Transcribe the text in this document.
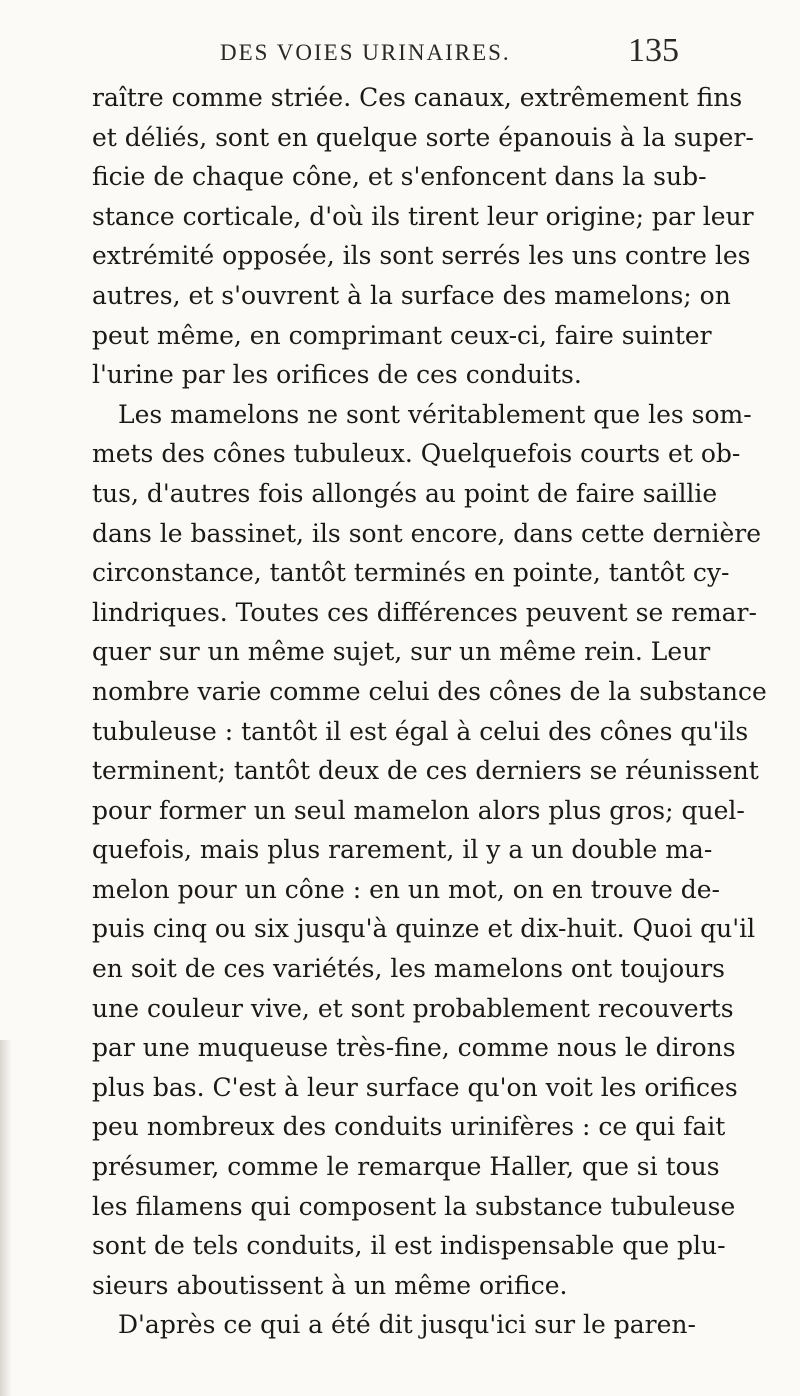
DES VOIES URINAIRES.	135
raître comme striée. Ces canaux, extrêmement fins
et déliés, sont en quelque sorte épanouis à la super-
ficie de chaque cône, et s'enfoncent dans la sub-
stance corticale, d'où ils tirent leur origine; par leur
extrémité opposée, ils sont serrés les uns contre les
autres, et s'ouvrent à la surface des mamelons; on
peut même, en comprimant ceux-ci, faire suinter
l'urine par les orifices de ces conduits.
Les mamelons ne sont véritablement que les som-
mets des cônes tubuleux. Quelquefois courts et ob-
tus, d'autres fois allongés au point de faire saillie
dans le bassinet, ils sont encore, dans cette dernière
circonstance, tantôt terminés en pointe, tantôt cy-
lindriques. Toutes ces différences peuvent se remar-
quer sur un même sujet, sur un même rein. Leur
nombre varie comme celui des cônes de la substance
tubuleuse : tantôt il est égal à celui des cônes qu'ils
terminent; tantôt deux de ces derniers se réunissent
pour former un seul mamelon alors plus gros; quel-
quefois, mais plus rarement, il y a un double ma-
melon pour un cône : en un mot, on en trouve de-
puis cinq ou six jusqu'à quinze et dix-huit. Quoi qu'il
en soit de ces variétés, les mamelons ont toujours
une couleur vive, et sont probablement recouverts
par une muqueuse très-fine, comme nous le dirons
plus bas. C'est à leur surface qu'on voit les orifices
peu nombreux des conduits urinifères : ce qui fait
présumer, comme le remarque Haller, que si tous
les filamens qui composent la substance tubuleuse
sont de tels conduits, il est indispensable que plu-
sieurs aboutissent à un même orifice.
D'après ce qui a été dit jusqu'ici sur le paren-
